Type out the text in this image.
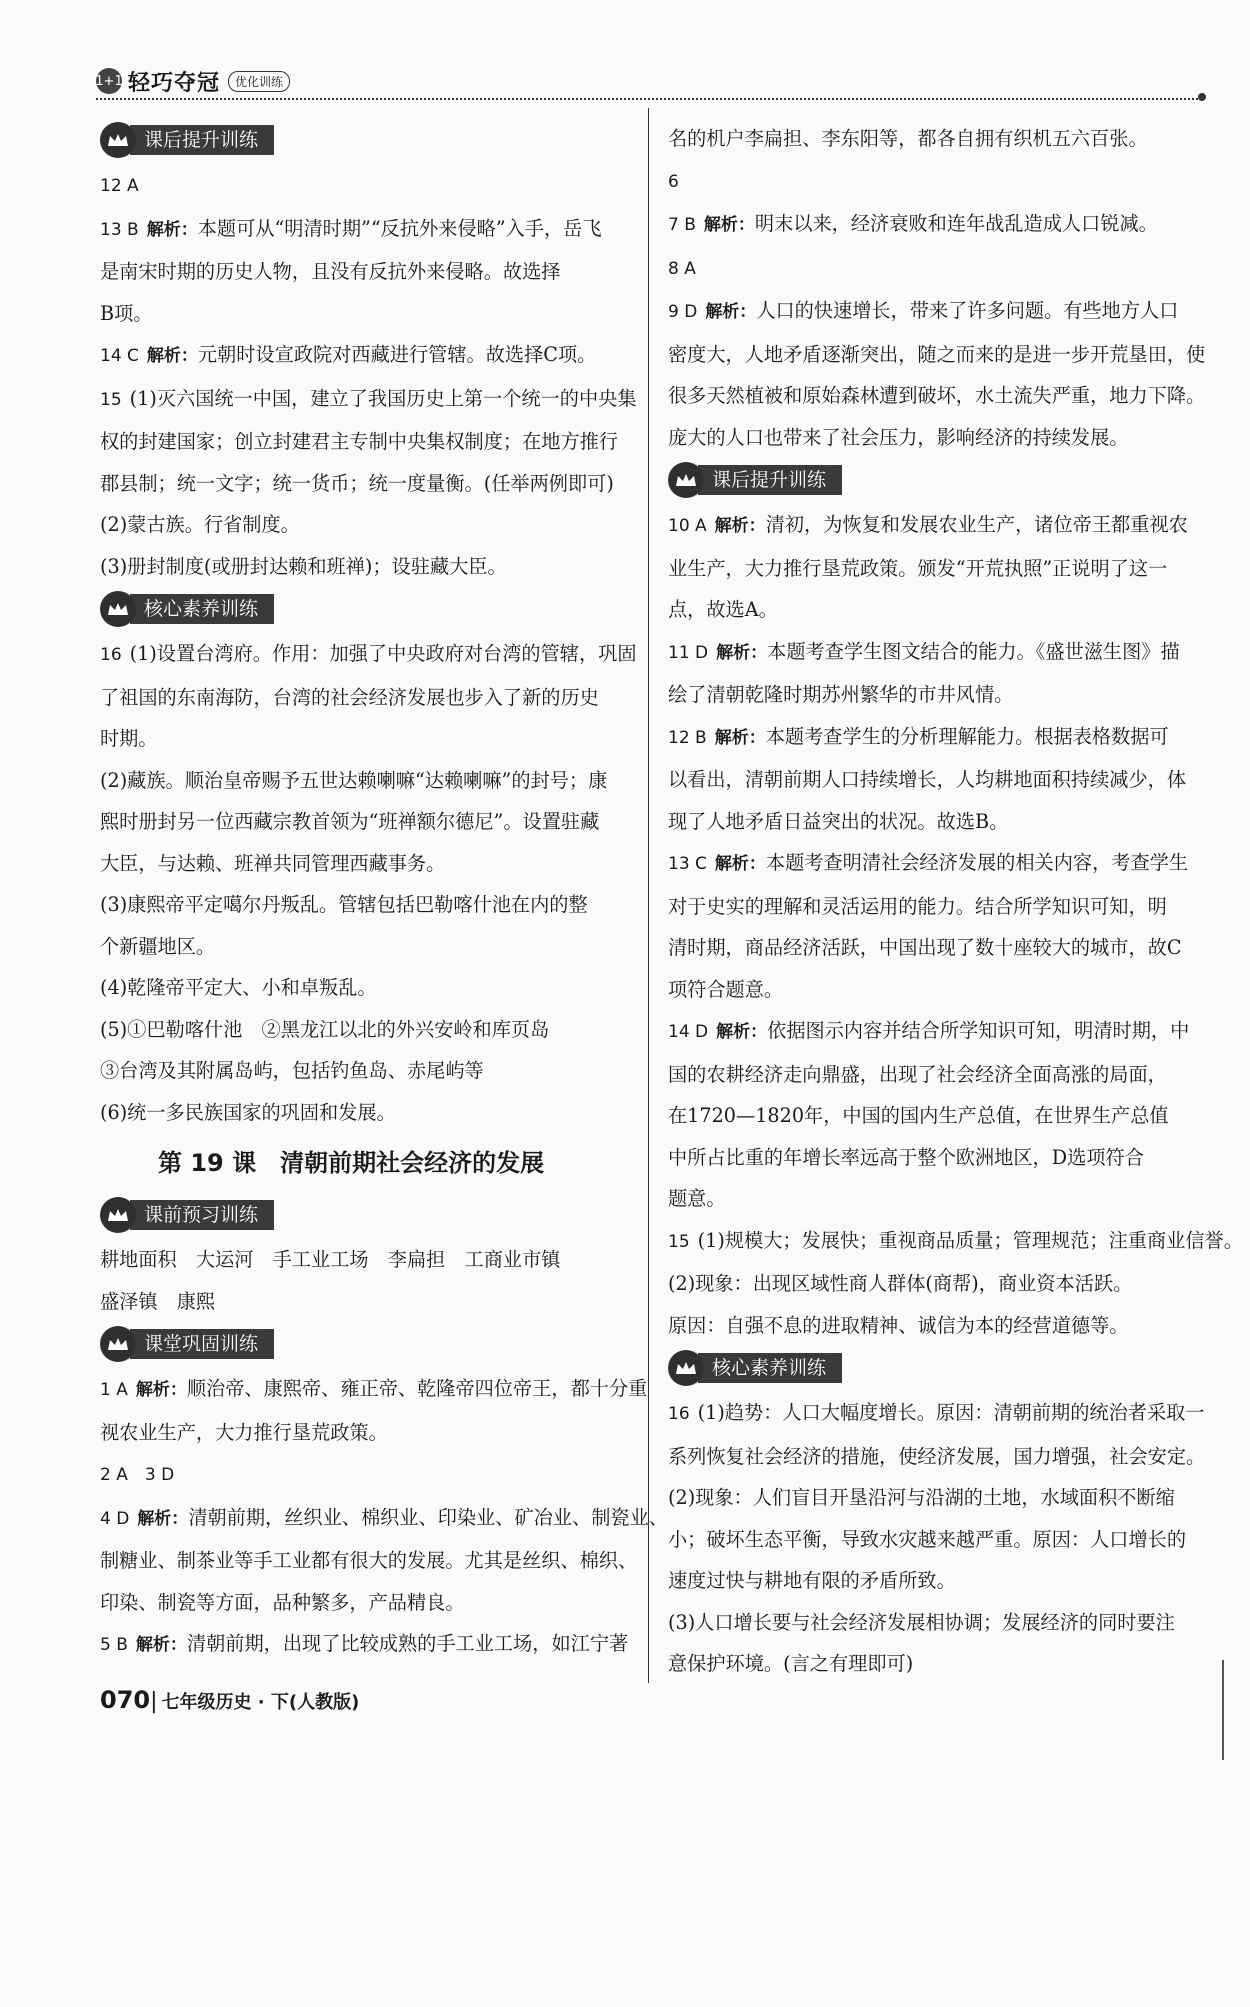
1+1 轻巧夺冠	优化训练
课后提升训练
12 A
13 B 解析：本题可从“明清时期”“反抗外来侵略”入手，岳飞
是南宋时期的历史人物，且没有反抗外来侵略。故选择
B项。
14 C 解析：元朝时设宣政院对西藏进行管辖。故选择C项。
15 (1)灭六国统一中国，建立了我国历史上第一个统一的中央集
权的封建国家；创立封建君主专制中央集权制度；在地方推行
郡县制；统一文字；统一货币；统一度量衡。(任举两例即可)
(2)蒙古族。行省制度。
(3)册封制度(或册封达赖和班禅)；设驻藏大臣。
核心素养训练
16 (1)设置台湾府。作用：加强了中央政府对台湾的管辖，巩固
了祖国的东南海防，台湾的社会经济发展也步入了新的历史
时期。
(2)藏族。顺治皇帝赐予五世达赖喇嘛“达赖喇嘛”的封号；康
熙时册封另一位西藏宗教首领为“班禅额尔德尼”。设置驻藏
大臣，与达赖、班禅共同管理西藏事务。
(3)康熙帝平定噶尔丹叛乱。管辖包括巴勒喀什池在内的整
个新疆地区。
(4)乾隆帝平定大、小和卓叛乱。
(5)①巴勒喀什池　②黑龙江以北的外兴安岭和库页岛
③台湾及其附属岛屿，包括钓鱼岛、赤尾屿等
(6)统一多民族国家的巩固和发展。
第 19 课　清朝前期社会经济的发展
课前预习训练
耕地面积　大运河　手工业工场　李扁担　工商业市镇
盛泽镇　康熙
课堂巩固训练
1 A 解析：顺治帝、康熙帝、雍正帝、乾隆帝四位帝王，都十分重
视农业生产，大力推行垦荒政策。
2 A　3 D
4 D 解析：清朝前期，丝织业、棉织业、印染业、矿冶业、制瓷业、
制糖业、制茶业等手工业都有很大的发展。尤其是丝织、棉织、
印染、制瓷等方面，品种繁多，产品精良。
5 B 解析：清朝前期，出现了比较成熟的手工业工场，如江宁著
名的机户李扁担、李东阳等，都各自拥有织机五六百张。
6
7 B 解析：明末以来，经济衰败和连年战乱造成人口锐减。
8 A
9 D 解析：人口的快速增长，带来了许多问题。有些地方人口
密度大，人地矛盾逐渐突出，随之而来的是进一步开荒垦田，使
很多天然植被和原始森林遭到破坏，水土流失严重，地力下降。
庞大的人口也带来了社会压力，影响经济的持续发展。
课后提升训练
10 A 解析：清初，为恢复和发展农业生产，诸位帝王都重视农
业生产，大力推行垦荒政策。颁发“开荒执照”正说明了这一
点，故选A。
11 D 解析：本题考查学生图文结合的能力。《盛世滋生图》描
绘了清朝乾隆时期苏州繁华的市井风情。
12 B 解析：本题考查学生的分析理解能力。根据表格数据可
以看出，清朝前期人口持续增长，人均耕地面积持续减少，体
现了人地矛盾日益突出的状况。故选B。
13 C 解析：本题考查明清社会经济发展的相关内容，考查学生
对于史实的理解和灵活运用的能力。结合所学知识可知，明
清时期，商品经济活跃，中国出现了数十座较大的城市，故C
项符合题意。
14 D 解析：依据图示内容并结合所学知识可知，明清时期，中
国的农耕经济走向鼎盛，出现了社会经济全面高涨的局面，
在1720—1820年，中国的国内生产总值，在世界生产总值
中所占比重的年增长率远高于整个欧洲地区，D选项符合
题意。
15 (1)规模大；发展快；重视商品质量；管理规范；注重商业信誉。
(2)现象：出现区域性商人群体(商帮)，商业资本活跃。
原因：自强不息的进取精神、诚信为本的经营道德等。
核心素养训练
16 (1)趋势：人口大幅度增长。原因：清朝前期的统治者采取一
系列恢复社会经济的措施，使经济发展，国力增强，社会安定。
(2)现象：人们盲目开垦沿河与沿湖的土地，水域面积不断缩
小；破坏生态平衡，导致水灾越来越严重。原因：人口增长的
速度过快与耕地有限的矛盾所致。
(3)人口增长要与社会经济发展相协调；发展经济的同时要注
意保护环境。(言之有理即可)
070| 七年级历史 · 下(人教版)
